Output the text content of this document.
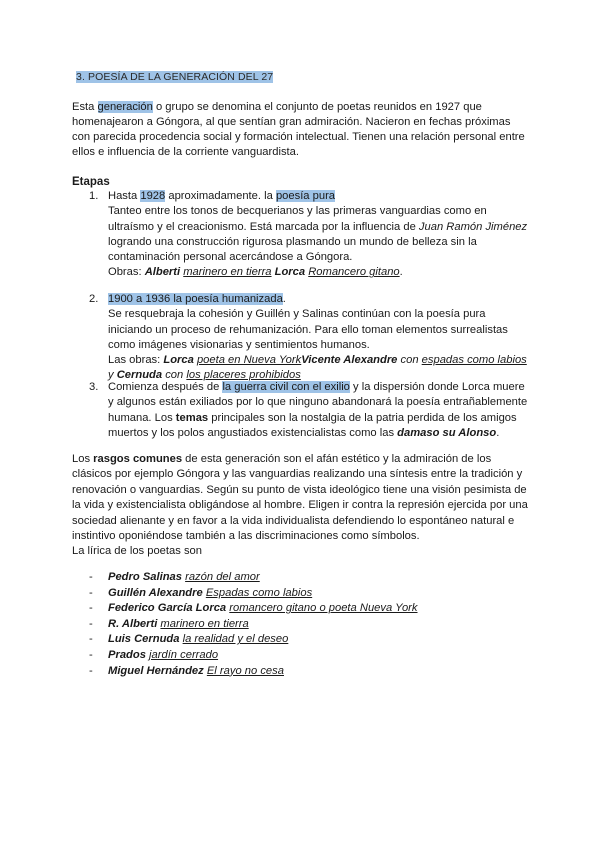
3. POESÍA DE LA GENERACIÓN DEL 27
Esta generación o grupo se denomina el conjunto de poetas reunidos en 1927 que
homenajearon a Góngora, al que sentían gran admiración. Nacieron en fechas próximas
con parecida procedencia social y formación intelectual. Tienen una relación personal entre
ellos e influencia de la corriente vanguardista.
Etapas
1. Hasta 1928 aproximadamente. la poesía pura
Tanteo entre los tonos de becquerianos y las primeras vanguardias como en
ultraísmo y el creacionismo. Está marcada por la influencia de Juan Ramón Jiménez
logrando una construcción rigurosa plasmando un mundo de belleza sin la
contaminación personal acercándose a Góngora.
Obras: Alberti marinero en tierra Lorca Romancero gitano.
2. 1900 a 1936 la poesía humanizada.
Se resquebraja la cohesión y Guillén y Salinas continúan con la poesía pura
iniciando un proceso de rehumanización. Para ello toman elementos surrealistas
como imágenes visionarias y sentimientos humanos.
Las obras: Lorca poeta en Nueva YorkVicente Alexandre con espadas como labios
y Cernuda con los placeres prohibidos
3. Comienza después de la guerra civil con el exilio y la dispersión donde Lorca muere
y algunos están exiliados por lo que ninguno abandonará la poesía entrañablemente
humana. Los temas principales son la nostalgia de la patria perdida de los amigos
muertos y los polos angustiados existencialistas como las damaso su Alonso.
Los rasgos comunes de esta generación son el afán estético y la admiración de los
clásicos por ejemplo Góngora y las vanguardias realizando una síntesis entre la tradición y
renovación o vanguardias. Según su punto de vista ideológico tiene una visión pesimista de
la vida y existencialista obligándose al hombre. Eligen ir contra la represión ejercida por una
sociedad alienante y en favor a la vida individualista defendiendo lo espontáneo natural e
instintivo oponiéndose también a las discriminaciones como símbolos.
La lírica de los poetas son
- Pedro Salinas razón del amor
- Guillén Alexandre Espadas como labios
- Federico García Lorca romancero gitano o poeta Nueva York
- R. Alberti marinero en tierra
- Luis Cernuda la realidad y el deseo
- Prados jardín cerrado
- Miguel Hernández El rayo no cesa
